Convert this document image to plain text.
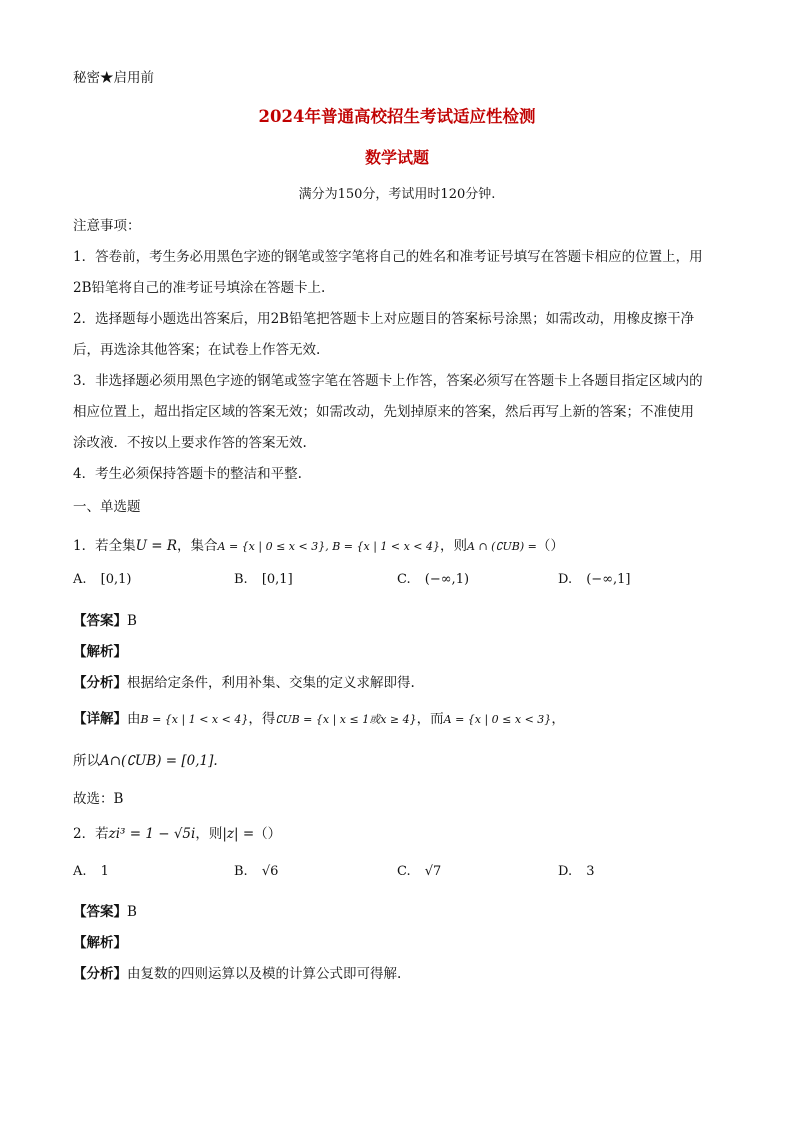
秘密★启用前
2024年普通高校招生考试适应性检测
数学试题
满分为150分，考试用时120分钟.
注意事项：
1．答卷前，考生务必用黑色字迹的钢笔或签字笔将自己的姓名和准考证号填写在答题卡相应的位置上，用
2B铅笔将自己的准考证号填涂在答题卡上.
2．选择题每小题选出答案后，用2B铅笔把答题卡上对应题目的答案标号涂黑；如需改动，用橡皮擦干净
后，再选涂其他答案；在试卷上作答无效.
3．非选择题必须用黑色字迹的钢笔或签字笔在答题卡上作答，答案必须写在答题卡上各题目指定区域内的
相应位置上，超出指定区域的答案无效；如需改动，先划掉原来的答案，然后再写上新的答案；不准使用
涂改液．不按以上要求作答的答案无效.
4．考生必须保持答题卡的整洁和平整.
一、单选题
1．若全集U = R，集合A = {x | 0 ≤ x < 3}, B = {x | 1 < x < 4}，则A ∩ (∁UB) =（）
A. [0,1)	B. [0,1]	C. (−∞,1)	D. (−∞,1]
【答案】B
【解析】
【分析】根据给定条件，利用补集、交集的定义求解即得.
【详解】由B = {x | 1 < x < 4}，得∁UB = {x | x ≤ 1或x ≥ 4}，而A = {x | 0 ≤ x < 3}，
所以A∩(∁UB) = [0,1].
故选：B
2．若zi³ = 1 − √5i，则|z| =（）
A. 1	B. √6	C. √7	D. 3
【答案】B
【解析】
【分析】由复数的四则运算以及模的计算公式即可得解.
